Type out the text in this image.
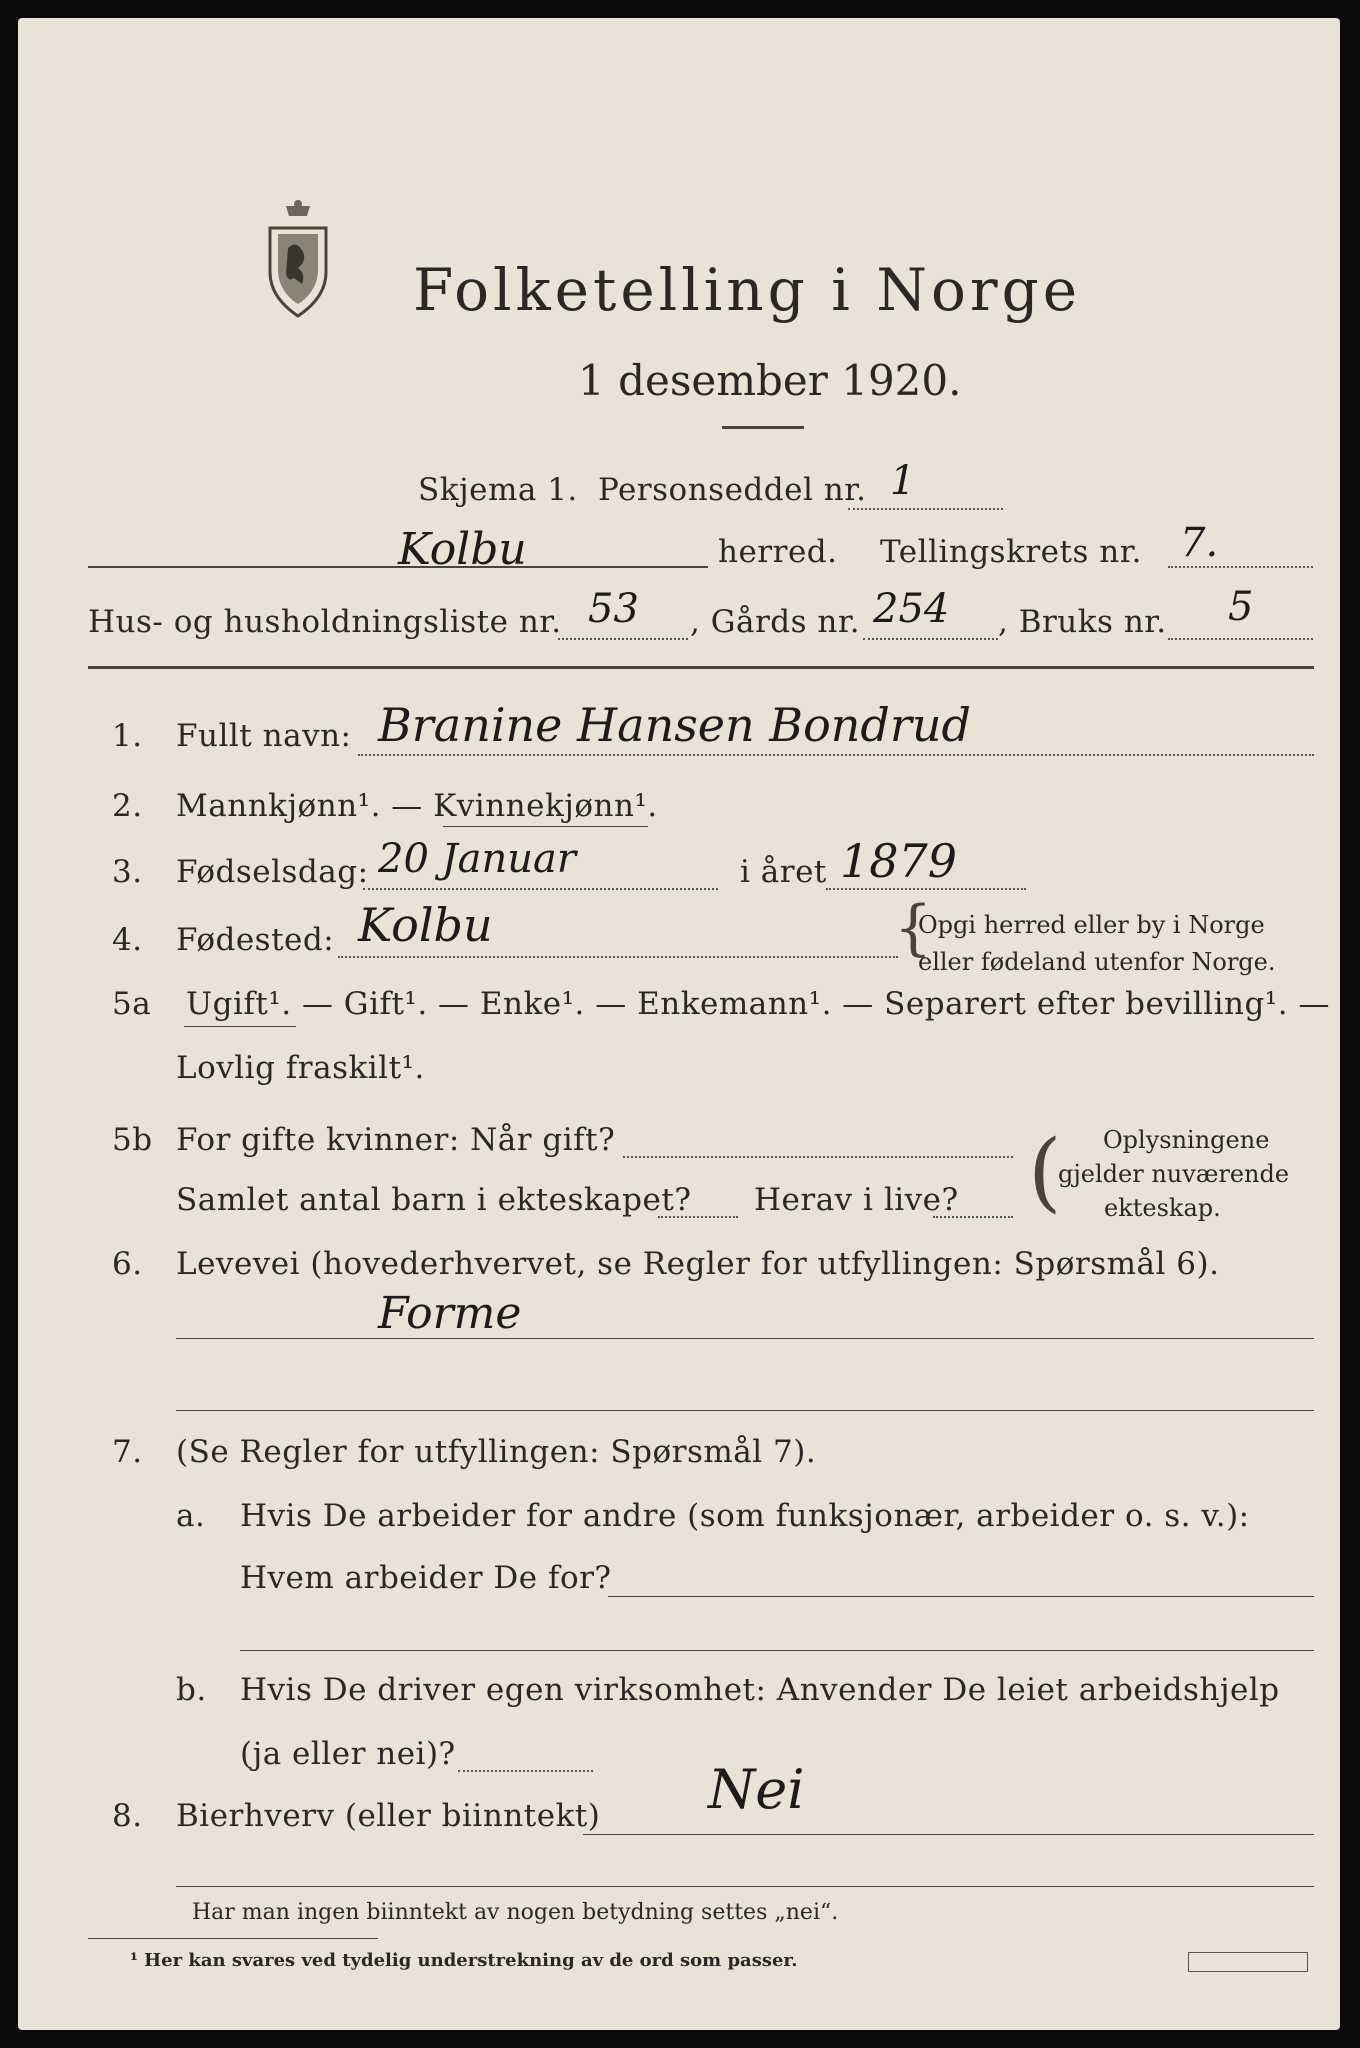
Folketelling i Norge
1 desember 1920.
Skjema 1. Personseddel nr. 1
Kolbu	herred. Tellingskrets nr. 7.
Hus- og husholdningsliste nr. 53 , Gårds nr. 254 , Bruks nr. 5
1. Fullt navn: Branine Hansen Bondrud
2. Mannkjønn¹. — Kvinnekjønn¹.
3. Fødselsdag: 20 Januar	i året 1879
4. Fødested: Kolbu	{
Opgi herred eller by i Norge
eller fødeland utenfor Norge.
5a Ugift¹. — Gift¹. — Enke¹. — Enkemann¹. — Separert efter bevilling¹. —
Lovlig fraskilt¹.
5b For gifte kvinner: Når gift?
Samlet antal barn i ekteskapet? Herav i live? ( Oplysningene
gjelder nuværende
ekteskap.
6. Levevei (hovederhvervet, se Regler for utfyllingen: Spørsmål 6).
Forme
7. (Se Regler for utfyllingen: Spørsmål 7).
a. Hvis De arbeider for andre (som funksjonær, arbeider o. s. v.):
Hvem arbeider De for?
b. Hvis De driver egen virksomhet: Anvender De leiet arbeidshjelp
(ja eller nei)?
8. Bierhverv (eller biinntekt) Nei
Har man ingen biinntekt av nogen betydning settes „nei“.
¹ Her kan svares ved tydelig understrekning av de ord som passer.
